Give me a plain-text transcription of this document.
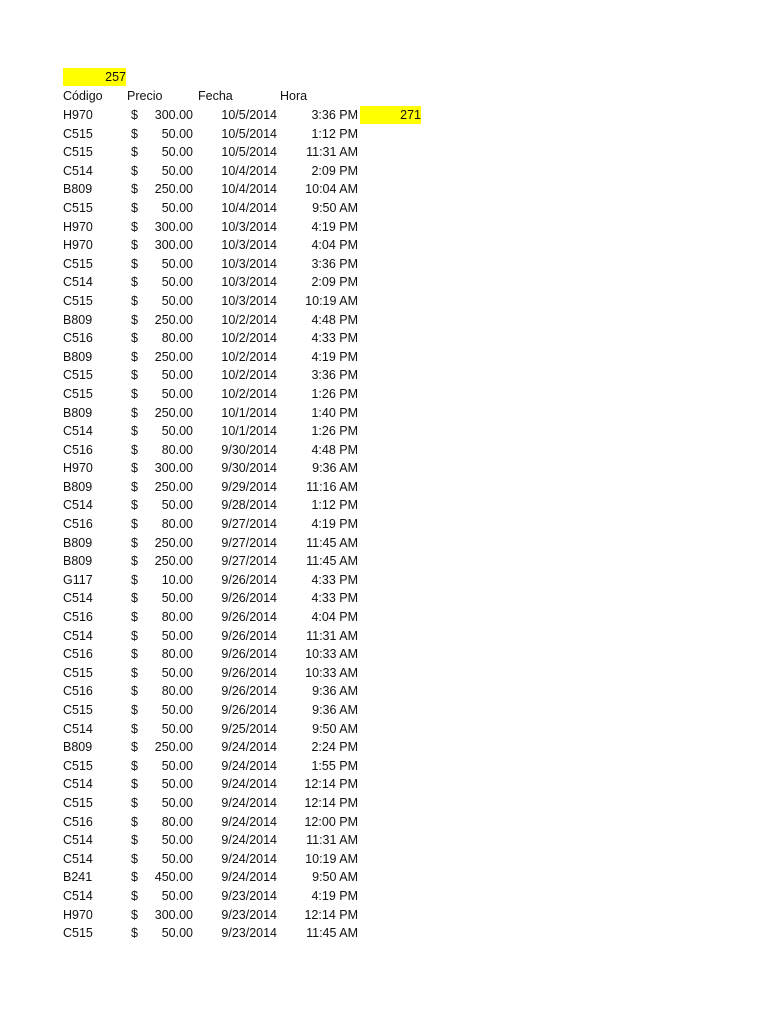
257
271
Código Precio	Fecha	Hora
H970	$	300.00	10/5/2014	3:36 PM
C515	$	50.00	10/5/2014	1:12 PM
C515	$	50.00	10/5/2014	11:31 AM
C514	$	50.00	10/4/2014	2:09 PM
B809	$	250.00	10/4/2014	10:04 AM
C515	$	50.00	10/4/2014	9:50 AM
H970	$	300.00	10/3/2014	4:19 PM
H970	$	300.00	10/3/2014	4:04 PM
C515	$	50.00	10/3/2014	3:36 PM
C514	$	50.00	10/3/2014	2:09 PM
C515	$	50.00	10/3/2014	10:19 AM
B809	$	250.00	10/2/2014	4:48 PM
C516	$	80.00	10/2/2014	4:33 PM
B809	$	250.00	10/2/2014	4:19 PM
C515	$	50.00	10/2/2014	3:36 PM
C515	$	50.00	10/2/2014	1:26 PM
B809	$	250.00	10/1/2014	1:40 PM
C514	$	50.00	10/1/2014	1:26 PM
C516	$	80.00	9/30/2014	4:48 PM
H970	$	300.00	9/30/2014	9:36 AM
B809	$	250.00	9/29/2014	11:16 AM
C514	$	50.00	9/28/2014	1:12 PM
C516	$	80.00	9/27/2014	4:19 PM
B809	$	250.00	9/27/2014	11:45 AM
B809	$	250.00	9/27/2014	11:45 AM
G117	$	10.00	9/26/2014	4:33 PM
C514	$	50.00	9/26/2014	4:33 PM
C516	$	80.00	9/26/2014	4:04 PM
C514	$	50.00	9/26/2014	11:31 AM
C516	$	80.00	9/26/2014	10:33 AM
C515	$	50.00	9/26/2014	10:33 AM
C516	$	80.00	9/26/2014	9:36 AM
C515	$	50.00	9/26/2014	9:36 AM
C514	$	50.00	9/25/2014	9:50 AM
B809	$	250.00	9/24/2014	2:24 PM
C515	$	50.00	9/24/2014	1:55 PM
C514	$	50.00	9/24/2014	12:14 PM
C515	$	50.00	9/24/2014	12:14 PM
C516	$	80.00	9/24/2014	12:00 PM
C514	$	50.00	9/24/2014	11:31 AM
C514	$	50.00	9/24/2014	10:19 AM
B241	$	450.00	9/24/2014	9:50 AM
C514	$	50.00	9/23/2014	4:19 PM
H970	$	300.00	9/23/2014	12:14 PM
C515	$	50.00	9/23/2014	11:45 AM
